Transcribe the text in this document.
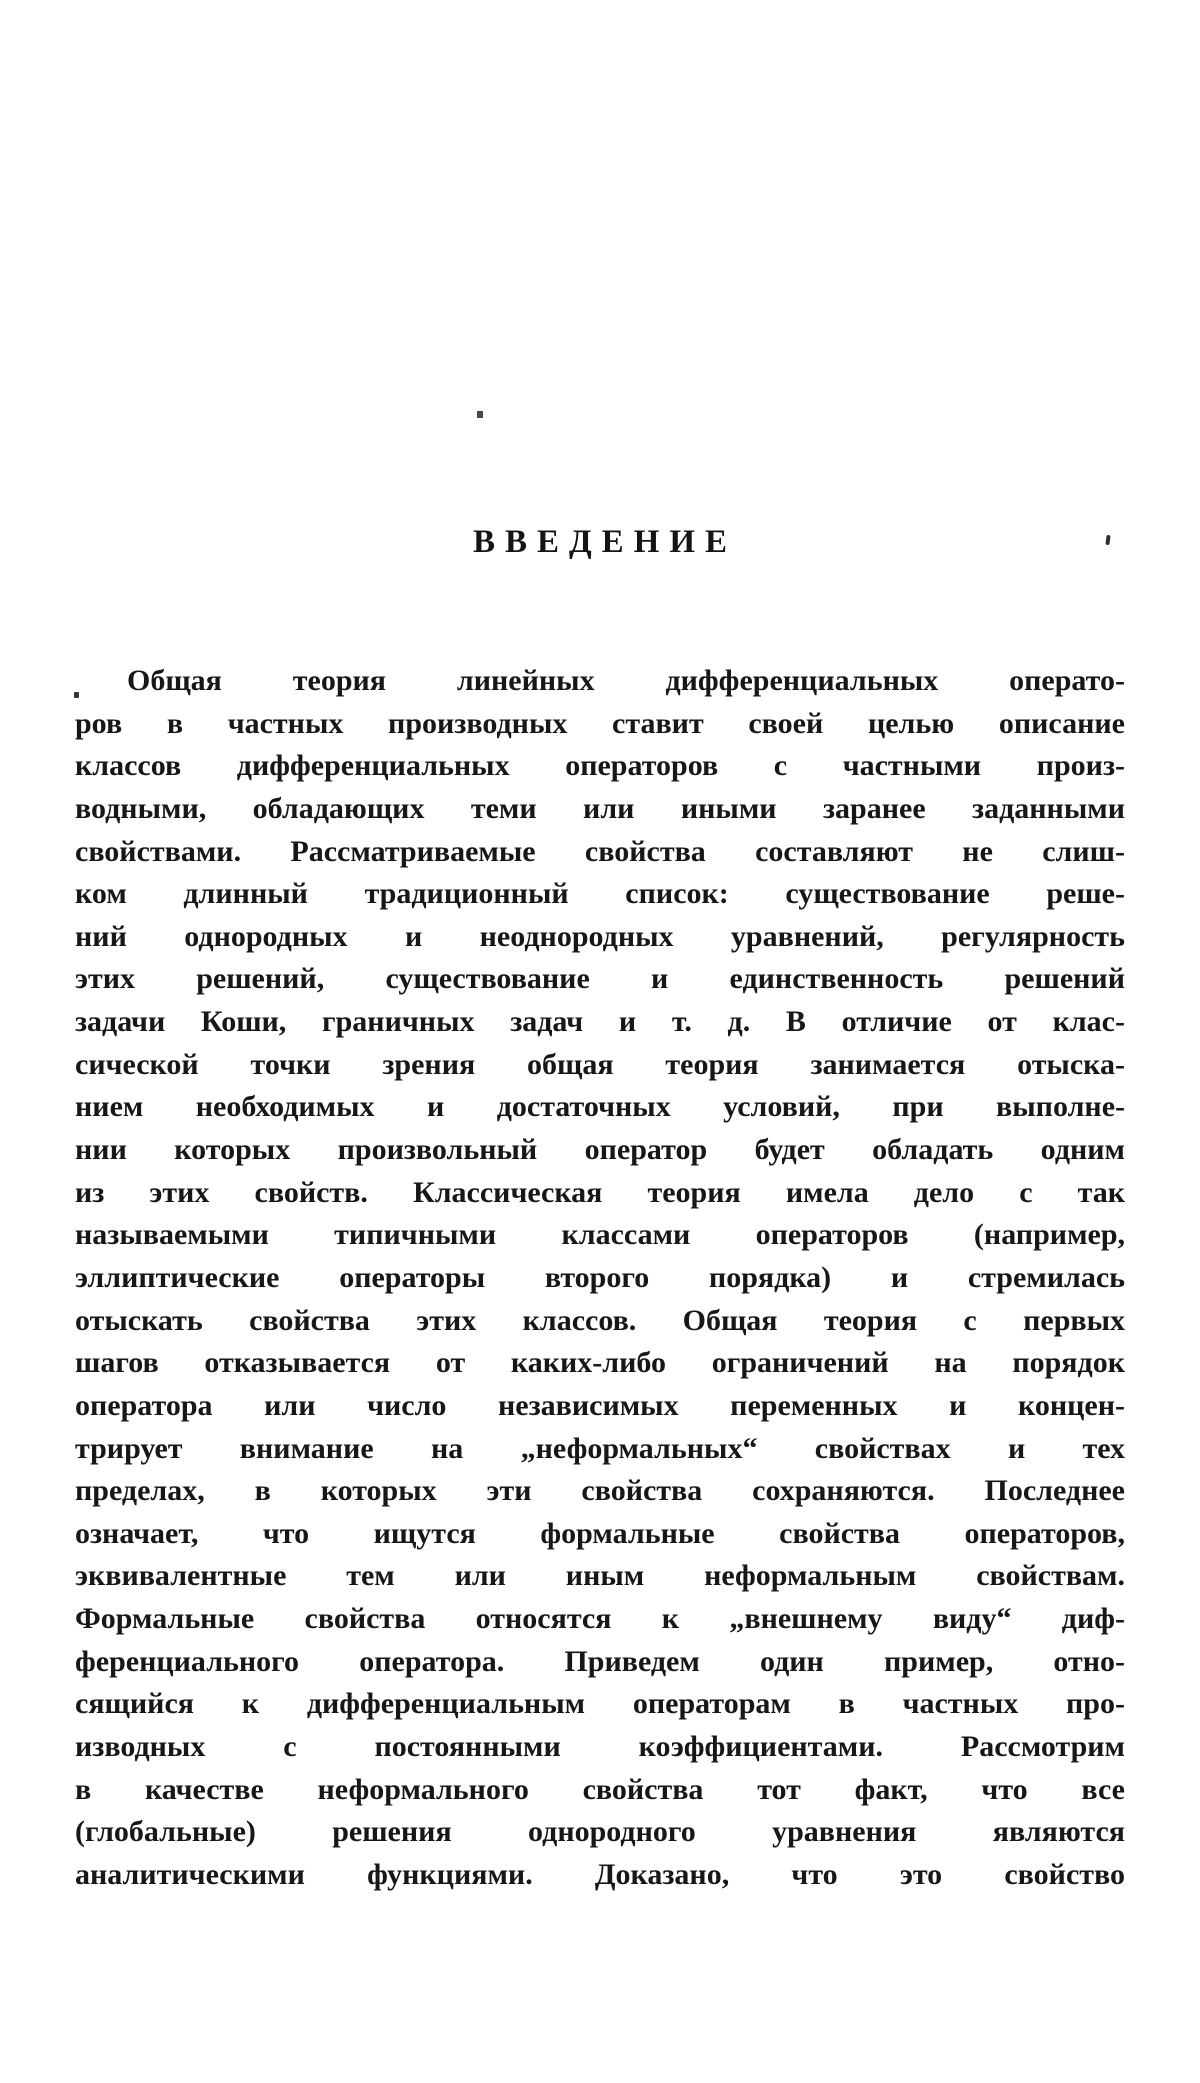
ВВЕДЕНИЕ
Общая теория линейных дифференциальных операто-
ров в частных производных ставит своей целью описание
классов дифференциальных операторов с частными произ-
водными, обладающих теми или иными заранее заданными
свойствами. Рассматриваемые свойства составляют не слиш-
ком длинный традиционный список: существование реше-
ний однородных и неоднородных уравнений, регулярность
этих решений, существование и единственность решений
задачи Коши, граничных задач и т. д. В отличие от клас-
сической точки зрения общая теория занимается отыска-
нием необходимых и достаточных условий, при выполне-
нии которых произвольный оператор будет обладать одним
из этих свойств. Классическая теория имела дело с так
называемыми типичными классами операторов (например,
эллиптические операторы второго порядка) и стремилась
отыскать свойства этих классов. Общая теория с первых
шагов отказывается от каких-либо ограничений на порядок
оператора или число независимых переменных и концен-
трирует внимание на „неформальных“ свойствах и тех
пределах, в которых эти свойства сохраняются. Последнее
означает, что ищутся формальные свойства операторов,
эквивалентные тем или иным неформальным свойствам.
Формальные свойства относятся к „внешнему виду“ диф-
ференциального оператора. Приведем один пример, отно-
сящийся к дифференциальным операторам в частных про-
изводных с постоянными коэффициентами. Рассмотрим
в качестве неформального свойства тот факт, что все
(глобальные) решения однородного уравнения являются
аналитическими функциями. Доказано, что это свойство
